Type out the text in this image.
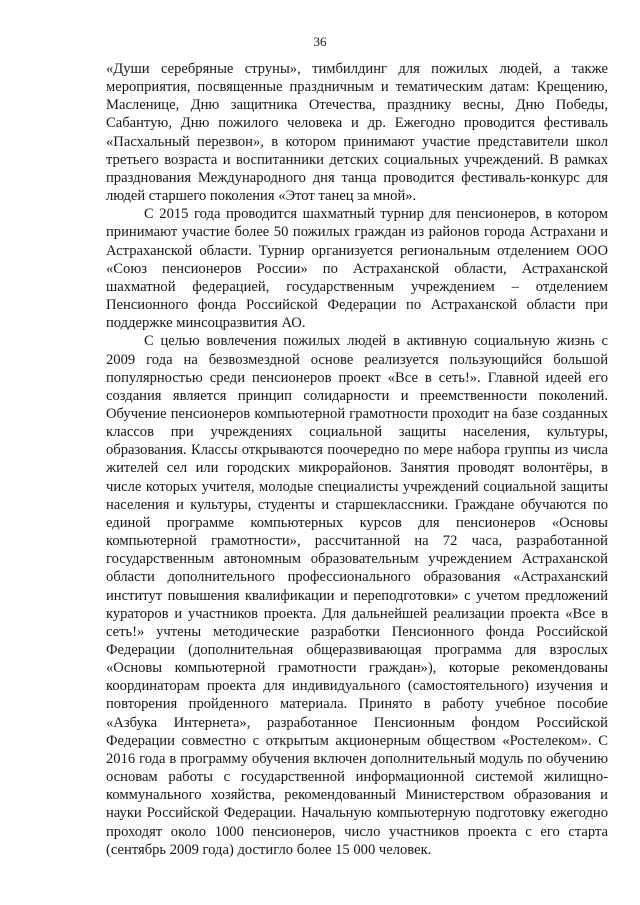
36

«Души серебряные струны», тимбилдинг для пожилых людей, а также мероприятия, посвященные праздничным и тематическим датам: Крещению, Масленице, Дню защитника Отечества, празднику весны, Дню Победы, Сабантую, Дню пожилого человека и др. Ежегодно проводится фестиваль «Пасхальный перезвон», в котором принимают участие представители школ третьего возраста и воспитанники детских социальных учреждений. В рамках празднования Международного дня танца проводится фестиваль-конкурс для людей старшего поколения «Этот танец за мной».

С 2015 года проводится шахматный турнир для пенсионеров, в котором принимают участие более 50 пожилых граждан из районов города Астрахани и Астраханской области. Турнир организуется региональным отделением ООО «Союз пенсионеров России» по Астраханской области, Астраханской шахматной федерацией, государственным учреждением – отделением Пенсионного фонда Российской Федерации по Астраханской области при поддержке минсоцразвития АО.

С целью вовлечения пожилых людей в активную социальную жизнь с 2009 года на безвозмездной основе реализуется пользующийся большой популярностью среди пенсионеров проект «Все в сеть!». Главной идеей его создания является принцип солидарности и преемственности поколений. Обучение пенсионеров компьютерной грамотности проходит на базе созданных классов при учреждениях социальной защиты населения, культуры, образования. Классы открываются поочередно по мере набора группы из числа жителей сел или городских микрорайонов. Занятия проводят волонтёры, в числе которых учителя, молодые специалисты учреждений социальной защиты населения и культуры, студенты и старшеклассники. Граждане обучаются по единой программе компьютерных курсов для пенсионеров «Основы компьютерной грамотности», рассчитанной на 72 часа, разработанной государственным автономным образовательным учреждением Астраханской области дополнительного профессионального образования «Астраханский институт повышения квалификации и переподготовки» с учетом предложений кураторов и участников проекта. Для дальнейшей реализации проекта «Все в сеть!» учтены методические разработки Пенсионного фонда Российской Федерации (дополнительная общеразвивающая программа для взрослых «Основы компьютерной грамотности граждан»), которые рекомендованы координаторам проекта для индивидуального (самостоятельного) изучения и повторения пройденного материала. Принято в работу учебное пособие «Азбука Интернета», разработанное Пенсионным фондом Российской Федерации совместно с открытым акционерным обществом «Ростелеком». С 2016 года в программу обучения включен дополнительный модуль по обучению основам работы с государственной информационной системой жилищно-коммунального хозяйства, рекомендованный Министерством образования и науки Российской Федерации. Начальную компьютерную подготовку ежегодно проходят около 1000 пенсионеров, число участников проекта с его старта (сентябрь 2009 года) достигло более 15 000 человек.
